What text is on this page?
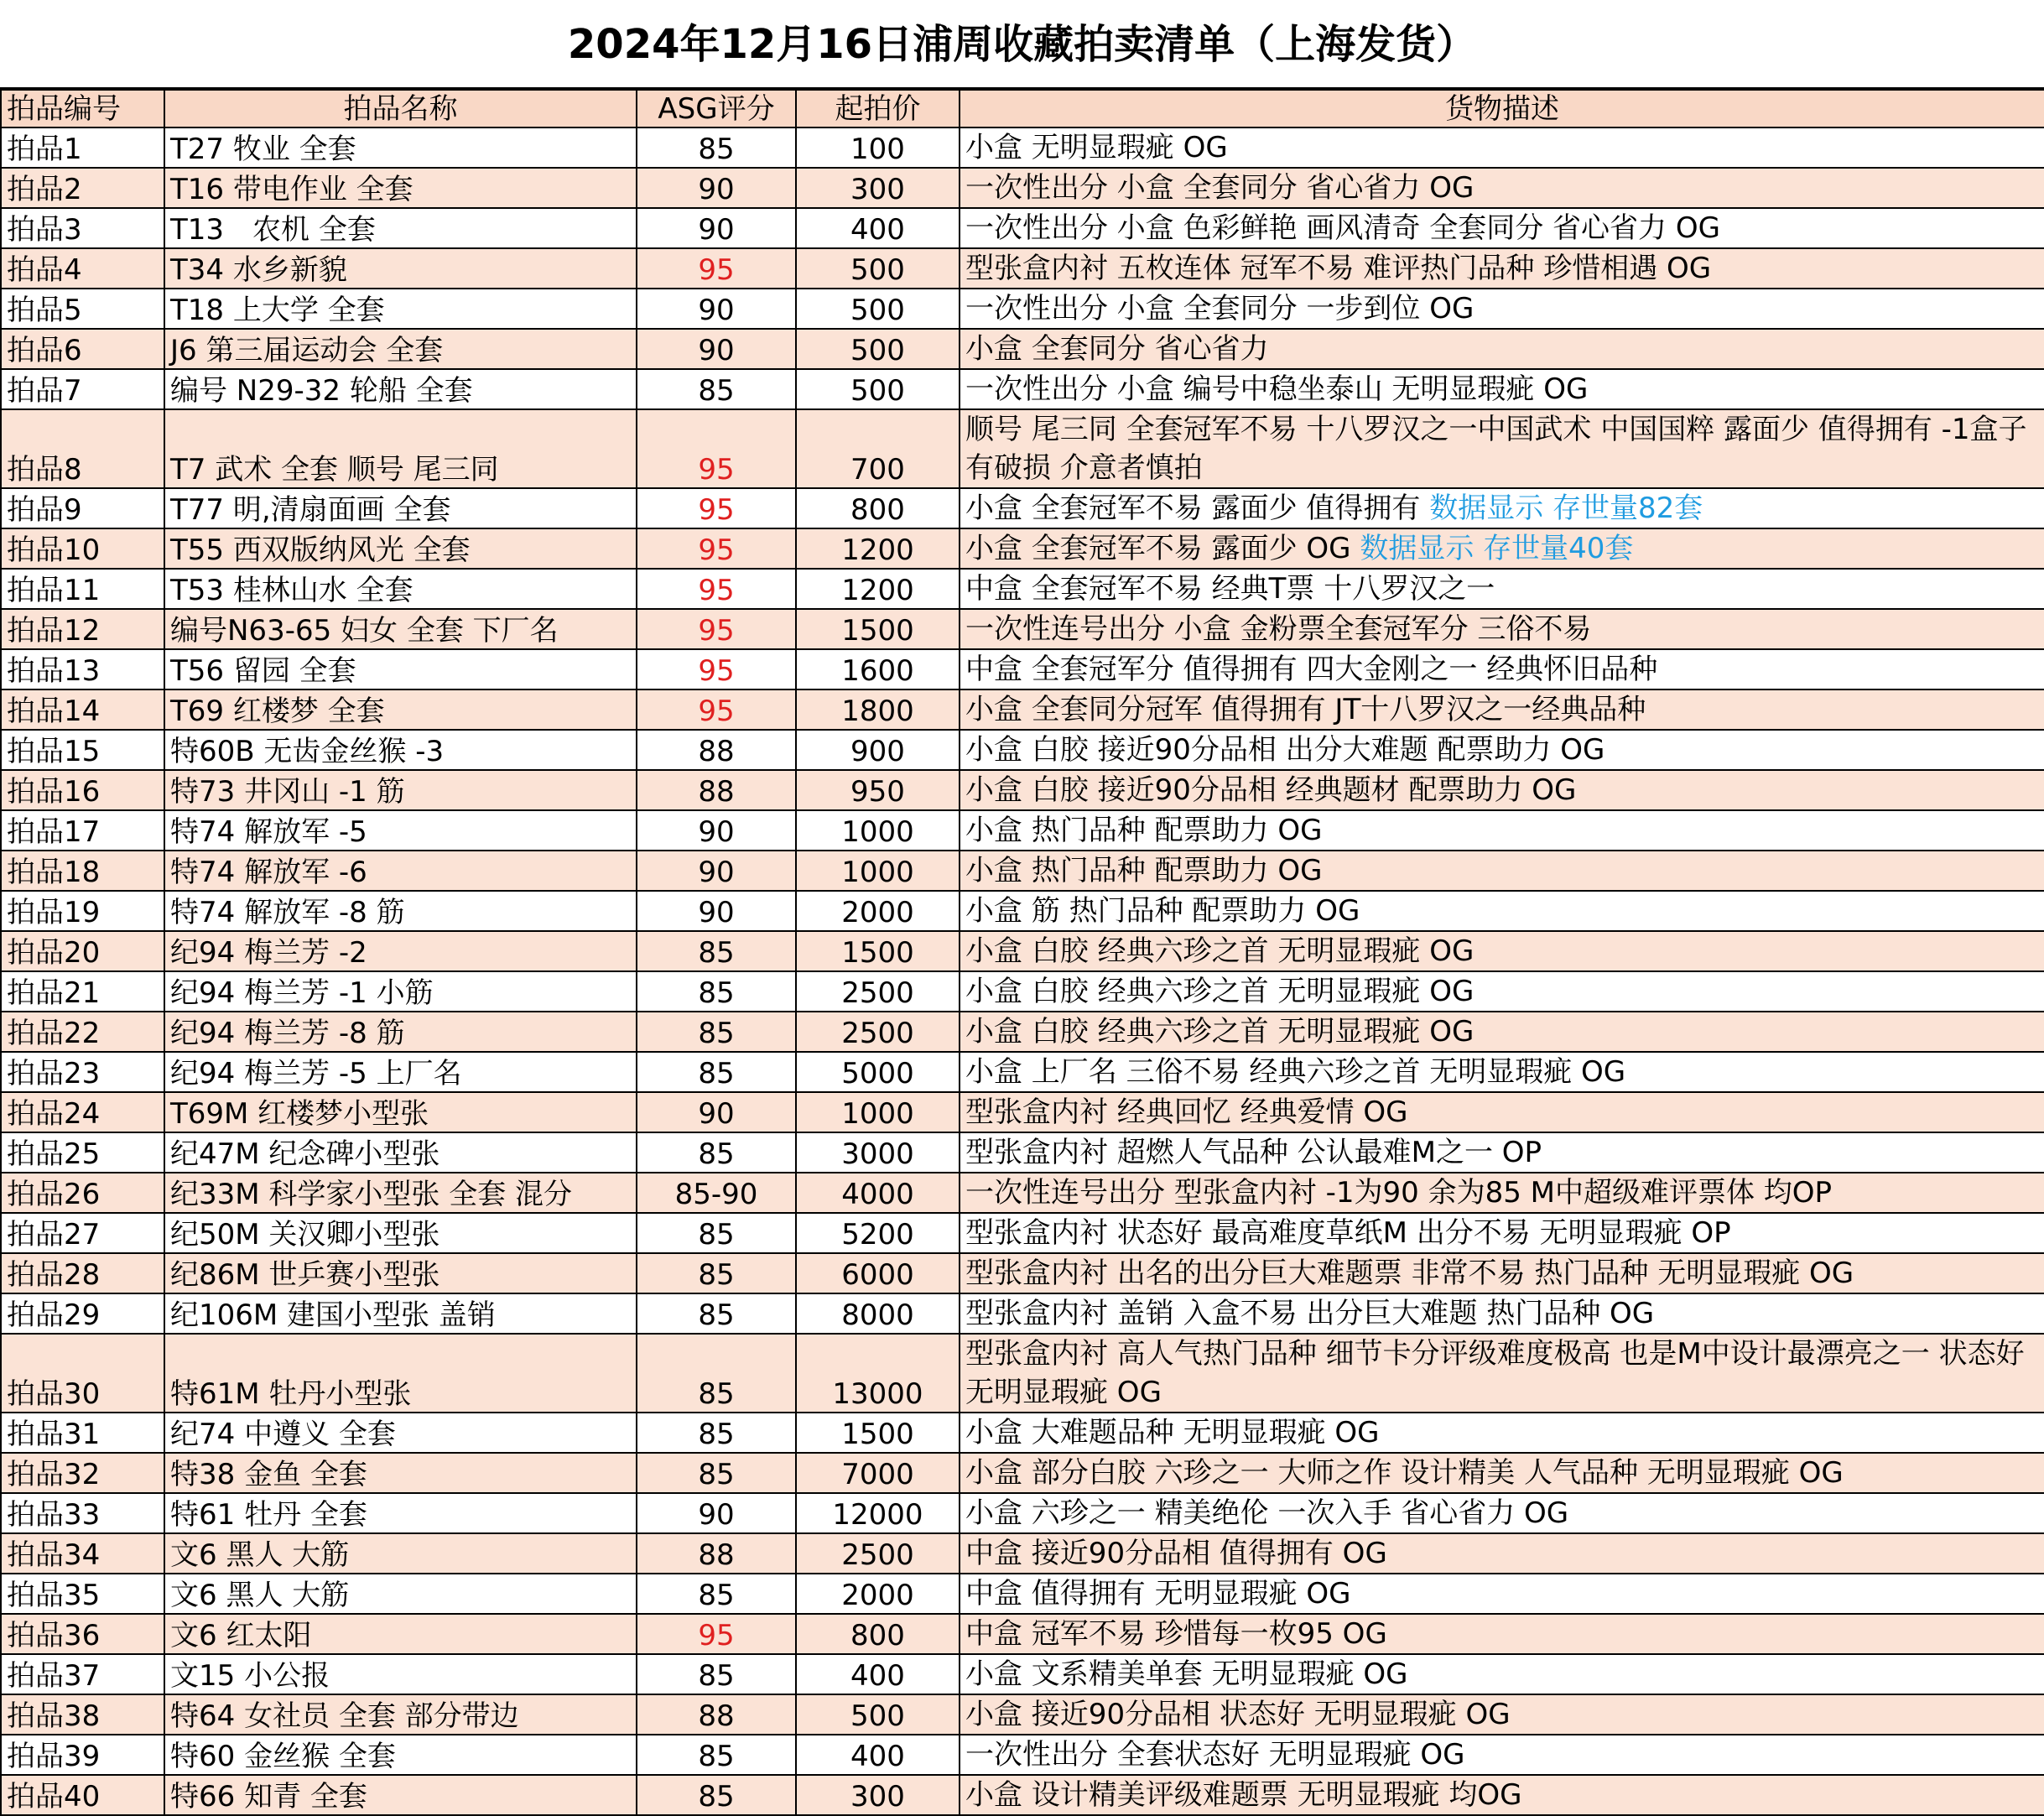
2024年12月16日浦周收藏拍卖清单（上海发货）
拍品编号	拍品名称	ASG评分	起拍价	货物描述
拍品1	T27 牧业 全套	85	100	小盒 无明显瑕疵 OG
拍品2	T16 带电作业 全套	90	300	一次性出分 小盒 全套同分 省心省力 OG
拍品3	T13　农机 全套	90	400	一次性出分 小盒 色彩鲜艳 画风清奇 全套同分 省心省力 OG
拍品4	T34 水乡新貌	95	500	型张盒内衬 五枚连体 冠军不易 难评热门品种 珍惜相遇 OG
拍品5	T18 上大学 全套	90	500	一次性出分 小盒 全套同分 一步到位 OG
拍品6	J6 第三届运动会 全套	90	500	小盒 全套同分 省心省力
拍品7	编号 N29-32 轮船 全套	85	500	一次性出分 小盒 编号中稳坐泰山 无明显瑕疵 OG
拍品8	T7 武术 全套 顺号 尾三同	95	700	顺号 尾三同 全套冠军不易 十八罗汉之一中国武术 中国国粹 露面少 值得拥有 -1盒子有破损 介意者慎拍
拍品9	T77 明,清扇面画 全套	95	800	小盒 全套冠军不易 露面少 值得拥有 数据显示 存世量82套
拍品10	T55 西双版纳风光 全套	95	1200	小盒 全套冠军不易 露面少 OG 数据显示 存世量40套
拍品11	T53 桂林山水 全套	95	1200	中盒 全套冠军不易 经典T票 十八罗汉之一
拍品12	编号N63-65 妇女 全套 下厂名	95	1500	一次性连号出分 小盒 金粉票全套冠军分 三俗不易
拍品13	T56 留园 全套	95	1600	中盒 全套冠军分 值得拥有 四大金刚之一 经典怀旧品种
拍品14	T69 红楼梦 全套	95	1800	小盒 全套同分冠军 值得拥有 JT十八罗汉之一经典品种
拍品15	特60B 无齿金丝猴 -3	88	900	小盒 白胶 接近90分品相 出分大难题 配票助力 OG
拍品16	特73 井冈山 -1 筋	88	950	小盒 白胶 接近90分品相 经典题材 配票助力 OG
拍品17	特74 解放军 -5	90	1000	小盒 热门品种 配票助力 OG
拍品18	特74 解放军 -6	90	1000	小盒 热门品种 配票助力 OG
拍品19	特74 解放军 -8 筋	90	2000	小盒 筋 热门品种 配票助力 OG
拍品20	纪94 梅兰芳 -2	85	1500	小盒 白胶 经典六珍之首 无明显瑕疵 OG
拍品21	纪94 梅兰芳 -1 小筋	85	2500	小盒 白胶 经典六珍之首 无明显瑕疵 OG
拍品22	纪94 梅兰芳 -8 筋	85	2500	小盒 白胶 经典六珍之首 无明显瑕疵 OG
拍品23	纪94 梅兰芳 -5 上厂名	85	5000	小盒 上厂名 三俗不易 经典六珍之首 无明显瑕疵 OG
拍品24	T69M 红楼梦小型张	90	1000	型张盒内衬 经典回忆 经典爱情 OG
拍品25	纪47M 纪念碑小型张	85	3000	型张盒内衬 超燃人气品种 公认最难M之一 OP
拍品26	纪33M 科学家小型张 全套 混分	85-90	4000	一次性连号出分 型张盒内衬 -1为90 余为85 M中超级难评票体 均OP
拍品27	纪50M 关汉卿小型张	85	5200	型张盒内衬 状态好 最高难度草纸M 出分不易 无明显瑕疵 OP
拍品28	纪86M 世乒赛小型张	85	6000	型张盒内衬 出名的出分巨大难题票 非常不易 热门品种 无明显瑕疵 OG
拍品29	纪106M 建国小型张 盖销	85	8000	型张盒内衬 盖销 入盒不易 出分巨大难题 热门品种 OG
拍品30	特61M 牡丹小型张	85	13000	型张盒内衬 高人气热门品种 细节卡分评级难度极高 也是M中设计最漂亮之一 状态好 无明显瑕疵 OG
拍品31	纪74 中遵义 全套	85	1500	小盒 大难题品种 无明显瑕疵 OG
拍品32	特38 金鱼 全套	85	7000	小盒 部分白胶 六珍之一 大师之作 设计精美 人气品种 无明显瑕疵 OG
拍品33	特61 牡丹 全套	90	12000	小盒 六珍之一 精美绝伦 一次入手 省心省力 OG
拍品34	文6 黑人 大筋	88	2500	中盒 接近90分品相 值得拥有 OG
拍品35	文6 黑人 大筋	85	2000	中盒 值得拥有 无明显瑕疵 OG
拍品36	文6 红太阳	95	800	中盒 冠军不易 珍惜每一枚95 OG
拍品37	文15 小公报	85	400	小盒 文系精美单套 无明显瑕疵 OG
拍品38	特64 女社员 全套 部分带边	88	500	小盒 接近90分品相 状态好 无明显瑕疵 OG
拍品39	特60 金丝猴 全套	85	400	一次性出分 全套状态好 无明显瑕疵 OG
拍品40	特66 知青 全套	85	300	小盒 设计精美评级难题票 无明显瑕疵 均OG
